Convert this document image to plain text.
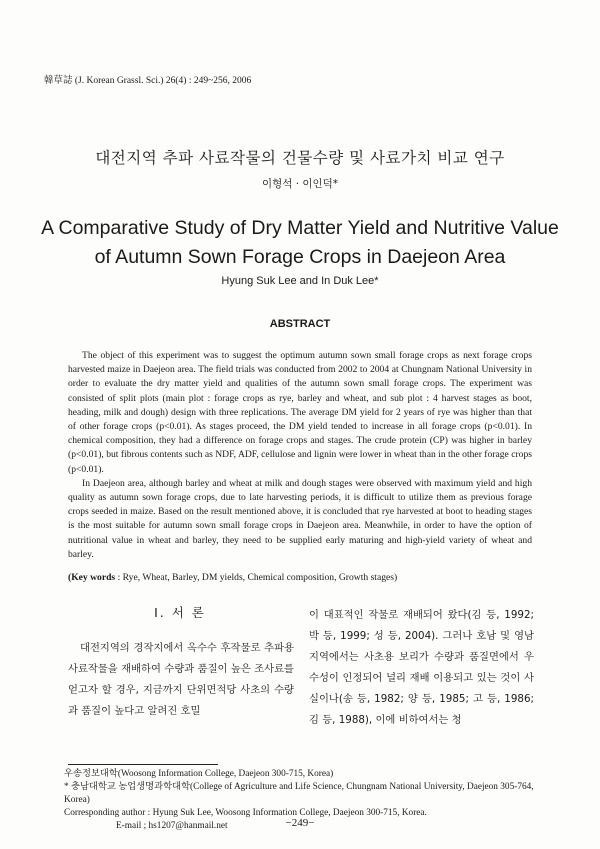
韓草誌 (J. Korean Grassl. Sci.) 26(4) : 249~256, 2006
대전지역 추파 사료작물의 건물수량 및 사료가치 비교 연구
이형석 · 이인덕*
A Comparative Study of Dry Matter Yield and Nutritive Value
of Autumn Sown Forage Crops in Daejeon Area
Hyung Suk Lee and In Duk Lee*
ABSTRACT

The object of this experiment was to suggest the optimum autumn sown small forage crops as next forage crops harvested maize in Daejeon area. The field trials was conducted from 2002 to 2004 at Chungnam National University in order to evaluate the dry matter yield and qualities of the autumn sown small forage crops. The experiment was consisted of split plots (main plot : forage crops as rye, barley and wheat, and sub plot : 4 harvest stages as boot, heading, milk and dough) design with three replications. The average DM yield for 2 years of rye was higher than that of other forage crops (p<0.01). As stages proceed, the DM yield tended to increase in all forage crops (p<0.01). In chemical composition, they had a difference on forage crops and stages. The crude protein (CP) was higher in barley (p<0.01), but fibrous contents such as NDF, ADF, cellulose and lignin were lower in wheat than in the other forage crops (p<0.01).

In Daejeon area, although barley and wheat at milk and dough stages were observed with maximum yield and high quality as autumn sown forage crops, due to late harvesting periods, it is difficult to utilize them as previous forage crops seeded in maize. Based on the result mentioned above, it is concluded that rye harvested at boot to heading stages is the most suitable for autumn sown small forage crops in Daejeon area. Meanwhile, in order to have the option of nutritional value in wheat and barley, they need to be supplied early maturing and high-yield variety of wheat and barley.

(Key words : Rye, Wheat, Barley, DM yields, Chemical composition, Growth stages)
Ⅰ. 서 론

대전지역의 경작지에서 옥수수 후작물로 추파용 사료작물을 재배하여 수량과 품질이 높은 조사료를 얻고자 할 경우, 지금까지 단위면적당 사초의 수량과 품질이 높다고 알려진 호밀

이 대표적인 작물로 재배되어 왔다(김 등, 1992; 박 등, 1999; 성 등, 2004). 그러나 호남 및 영남지역에서는 사초용 보리가 수량과 품질면에서 우수성이 인정되어 널리 재배 이용되고 있는 것이 사실이나(송 등, 1982; 양 등, 1985; 고 등, 1986; 김 등, 1988), 이에 비하여서는 청

우송정보대학(Woosong Information College, Daejeon 300-715, Korea)

* 충남대학교 농업생명과학대학(College of Agriculture and Life Science, Chungnam National University, Daejeon 305-764, Korea)

Corresponding author : Hyung Suk Lee, Woosong Information College, Daejeon 300-715, Korea.

E-mail ; hs1207@hanmail.net	−249−
